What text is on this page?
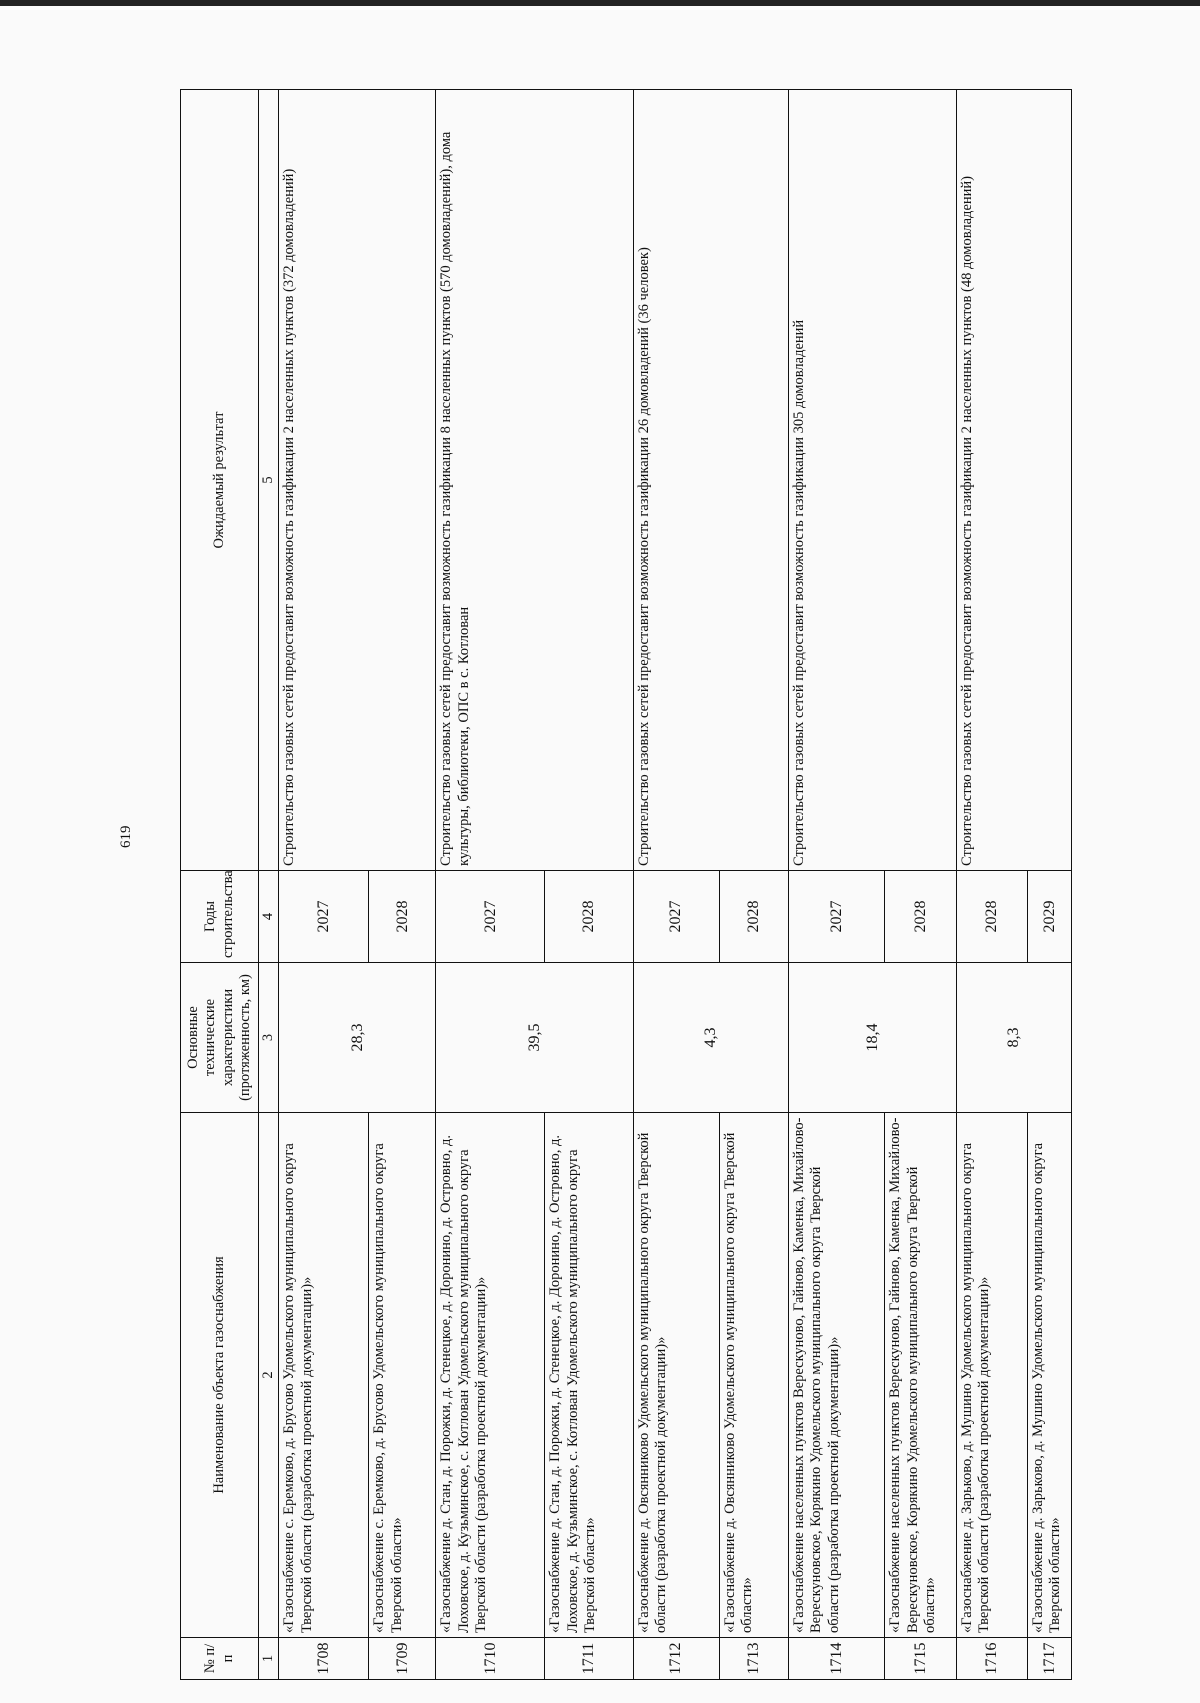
619
№ п/п	Наименование объекта газоснабжения	Основные технические характеристики (протяженность, км)	Годы строительства	Ожидаемый результат
1	2	3	4	5
1708	«Газоснабжение с. Еремково, д. Брусово Удомельского муниципального округа Тверской области (разработка проектной документации)»	28,3	2027	Строительство газовых сетей предоставит возможность газификации 2 населенных пунктов (372 домовладений)
1709	«Газоснабжение с. Еремково, д. Брусово Удомельского муниципального округа Тверской области»		2028	
1710	«Газоснабжение д. Стан, д. Порожки, д. Стенецкое, д. Доронино, д. Островно, д. Лоховское, д. Кузьминское, с. Котлован Удомельского муниципального округа Тверской области (разработка проектной документации)»	39,5	2027	Строительство газовых сетей предоставит возможность газификации 8 населенных пунктов (570 домовладений), дома культуры, библиотеки, ОПС в с. Котлован
1711	«Газоснабжение д. Стан, д. Порожки, д. Стенецкое, д. Доронино, д. Островно, д. Лоховское, д. Кузьминское, с. Котлован Удомельского муниципального округа Тверской области»		2028	
1712	«Газоснабжение д. Овсянниково Удомельского муниципального округа Тверской области (разработка проектной документации)»	4,3	2027	Строительство газовых сетей предоставит возможность газификации 26 домовладений (36 человек)
1713	«Газоснабжение д. Овсянниково Удомельского муниципального округа Тверской области»		2028	
1714	«Газоснабжение населенных пунктов Верескуново, Гайново, Каменка, Михайлово-Верескуновское, Корякино Удомельского муниципального округа Тверской области (разработка проектной документации)»	18,4	2027	Строительство газовых сетей предоставит возможность газификации 305 домовладений
1715	«Газоснабжение населенных пунктов Верескуново, Гайново, Каменка, Михайлово-Верескуновское, Корякино Удомельского муниципального округа Тверской области»		2028	
1716	«Газоснабжение д. Зарьково, д. Мушино Удомельского муниципального округа Тверской области (разработка проектной документации)»	8,3	2028	Строительство газовых сетей предоставит возможность газификации 2 населенных пунктов (48 домовладений)
1717	«Газоснабжение д. Зарьково, д. Мушино Удомельского муниципального округа Тверской области»		2029	
